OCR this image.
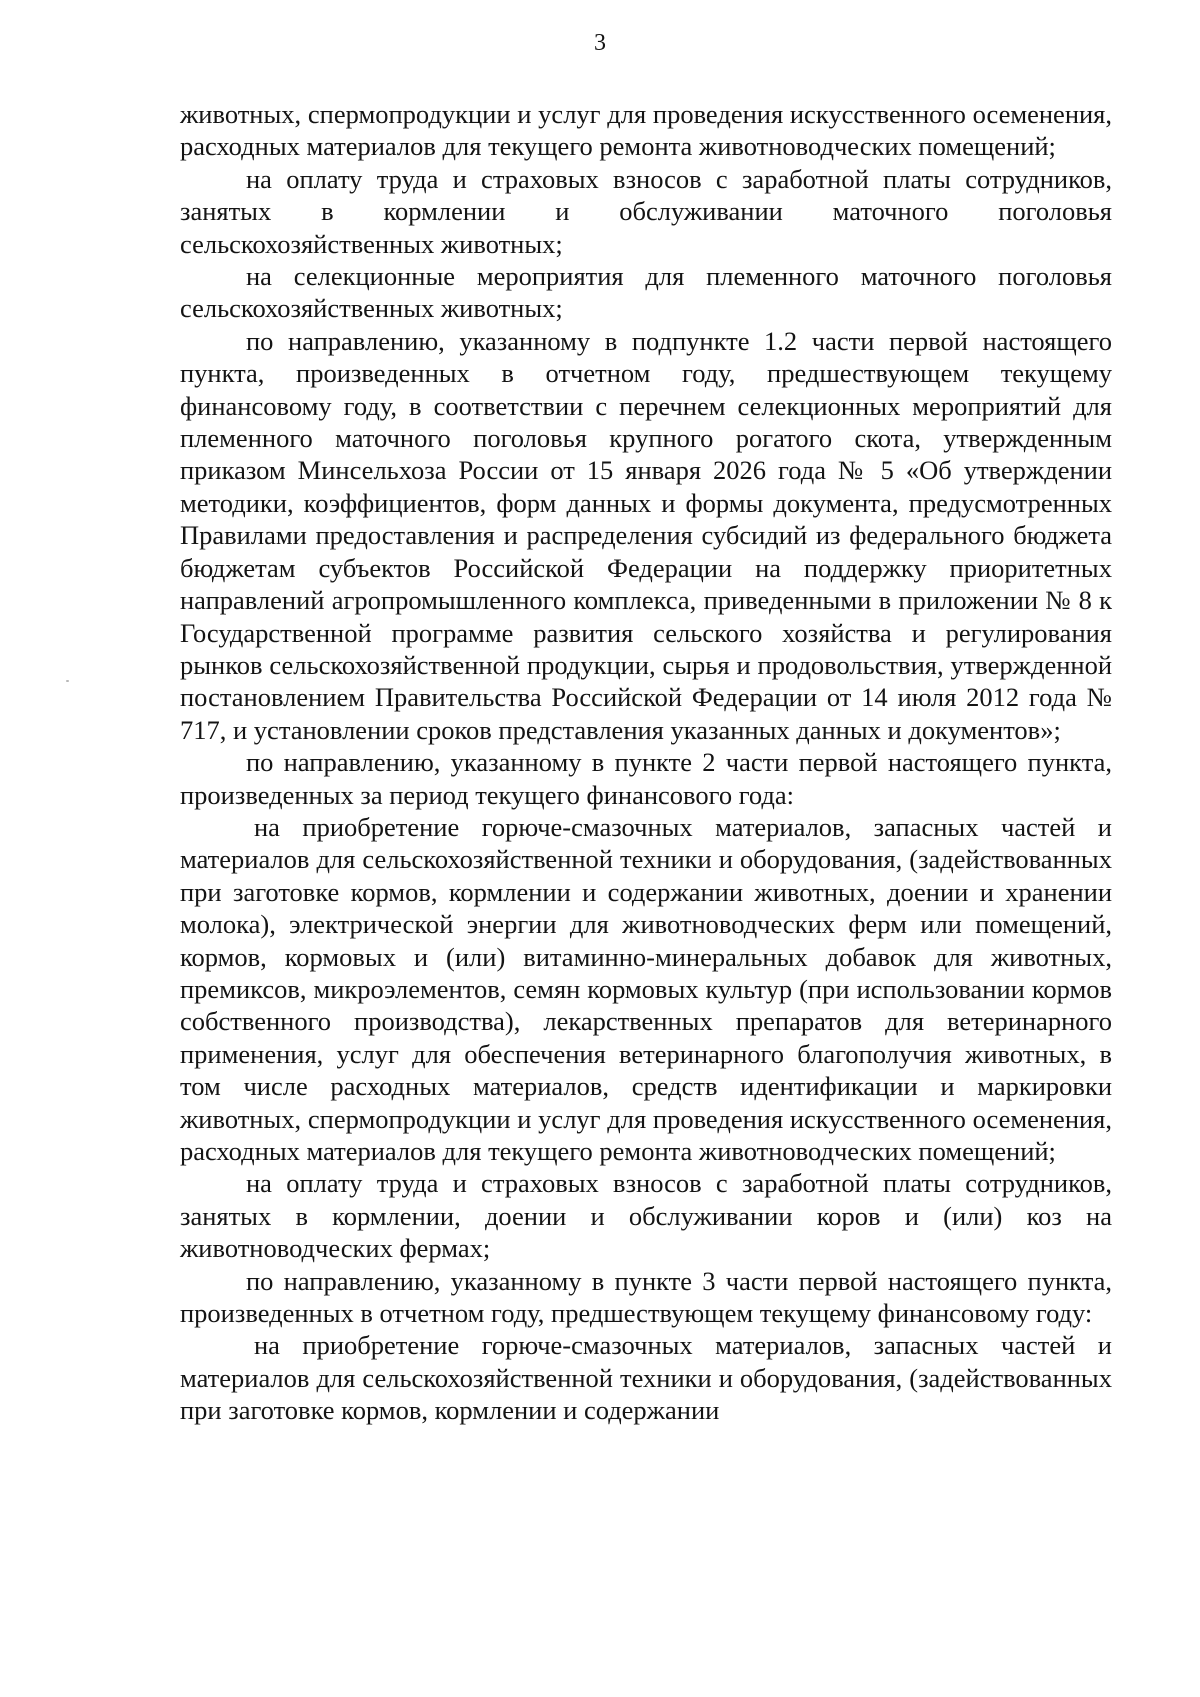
3

животных, спермопродукции и услуг для проведения искусственного осеменения, расходных материалов для текущего ремонта животноводческих помещений;

на оплату труда и страховых взносов с заработной платы сотрудников, занятых в кормлении и обслуживании маточного поголовья сельскохозяйственных животных;

на селекционные мероприятия для племенного маточного поголовья сельскохозяйственных животных;

по направлению, указанному в подпункте 1.2 части первой настоящего пункта, произведенных в отчетном году, предшествующем текущему финансовому году, в соответствии с перечнем селекционных мероприятий для племенного маточного поголовья крупного рогатого скота, утвержденным приказом Минсельхоза России от 15 января 2026 года № 5 «Об утверждении методики, коэффициентов, форм данных и формы документа, предусмотренных Правилами предоставления и распределения субсидий из федерального бюджета бюджетам субъектов Российской Федерации на поддержку приоритетных направлений агропромышленного комплекса, приведенными в приложении № 8 к Государственной программе развития сельского хозяйства и регулирования рынков сельскохозяйственной продукции, сырья и продовольствия, утвержденной постановлением Правительства Российской Федерации от 14 июля 2012 года № 717, и установлении сроков представления указанных данных и документов»;

по направлению, указанному в пункте 2 части первой настоящего пункта, произведенных за период текущего финансового года:

на приобретение горюче-смазочных материалов, запасных частей и материалов для сельскохозяйственной техники и оборудования, (задействованных при заготовке кормов, кормлении и содержании животных, доении и хранении молока), электрической энергии для животноводческих ферм или помещений, кормов, кормовых и (или) витаминно-минеральных добавок для животных, премиксов, микроэлементов, семян кормовых культур (при использовании кормов собственного производства), лекарственных препаратов для ветеринарного применения, услуг для обеспечения ветеринарного благополучия животных, в том числе расходных материалов, средств идентификации и маркировки животных, спермопродукции и услуг для проведения искусственного осеменения, расходных материалов для текущего ремонта животноводческих помещений;

на оплату труда и страховых взносов с заработной платы сотрудников, занятых в кормлении, доении и обслуживании коров и (или) коз на животноводческих фермах;

по направлению, указанному в пункте 3 части первой настоящего пункта, произведенных в отчетном году, предшествующем текущему финансовому году:

на приобретение горюче-смазочных материалов, запасных частей и материалов для сельскохозяйственной техники и оборудования, (задействованных при заготовке кормов, кормлении и содержании
